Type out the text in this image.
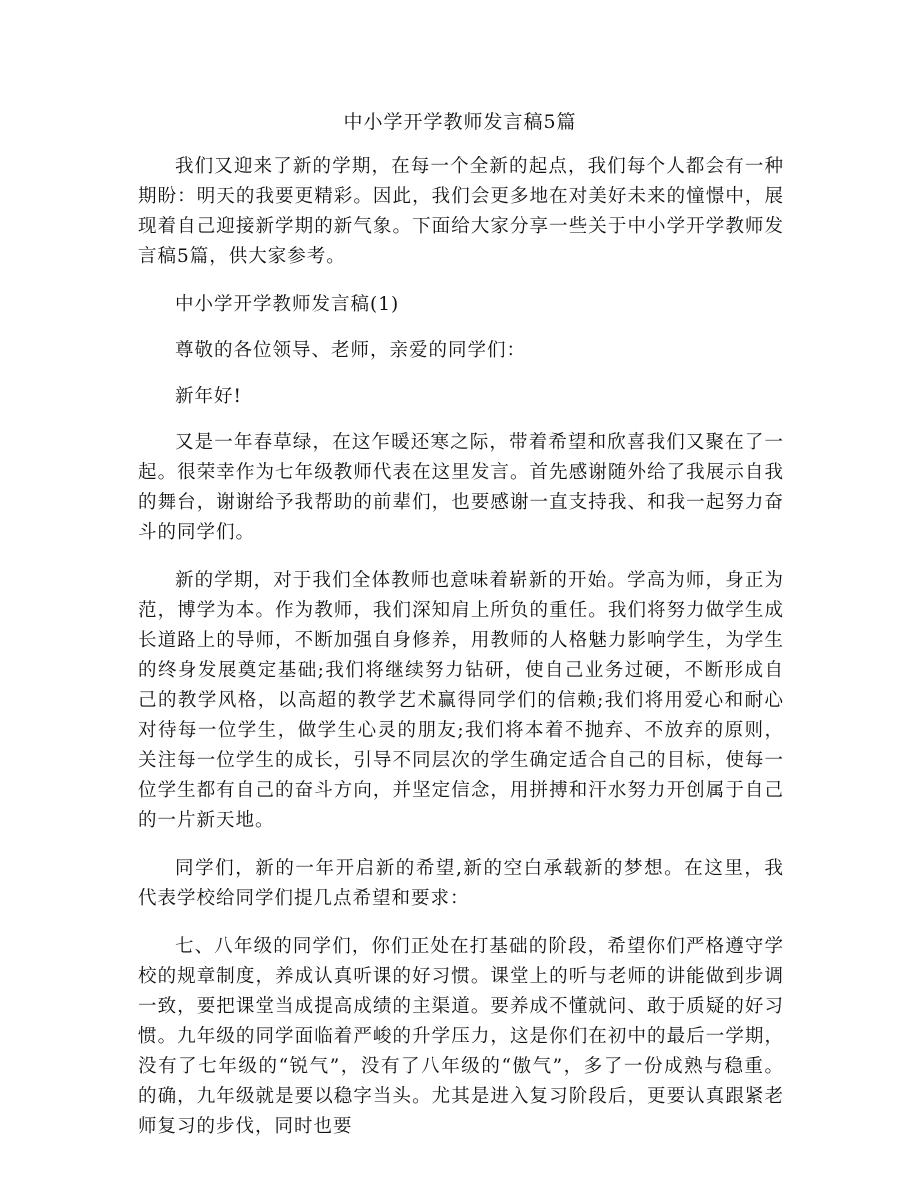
中小学开学教师发言稿5篇

我们又迎来了新的学期，在每一个全新的起点，我们每个人都会有一种期盼：明天的我要更精彩。因此，我们会更多地在对美好未来的憧憬中，展现着自己迎接新学期的新气象。下面给大家分享一些关于中小学开学教师发言稿5篇，供大家参考。

中小学开学教师发言稿(1)

尊敬的各位领导、老师，亲爱的同学们：

新年好!

又是一年春草绿，在这乍暖还寒之际，带着希望和欣喜我们又聚在了一起。很荣幸作为七年级教师代表在这里发言。首先感谢随外给了我展示自我的舞台，谢谢给予我帮助的前辈们，也要感谢一直支持我、和我一起努力奋斗的同学们。

新的学期，对于我们全体教师也意味着崭新的开始。学高为师，身正为范，博学为本。作为教师，我们深知肩上所负的重任。我们将努力做学生成长道路上的导师，不断加强自身修养，用教师的人格魅力影响学生，为学生的终身发展奠定基础;我们将继续努力钻研，使自己业务过硬，不断形成自己的教学风格，以高超的教学艺术赢得同学们的信赖;我们将用爱心和耐心对待每一位学生，做学生心灵的朋友;我们将本着不抛弃、不放弃的原则，关注每一位学生的成长，引导不同层次的学生确定适合自己的目标，使每一位学生都有自己的奋斗方向，并坚定信念，用拼搏和汗水努力开创属于自己的一片新天地。

同学们，新的一年开启新的希望,新的空白承载新的梦想。在这里，我代表学校给同学们提几点希望和要求：

七、八年级的同学们，你们正处在打基础的阶段，希望你们严格遵守学校的规章制度，养成认真听课的好习惯。课堂上的听与老师的讲能做到步调一致，要把课堂当成提高成绩的主渠道。要养成不懂就问、敢于质疑的好习惯。九年级的同学面临着严峻的升学压力，这是你们在初中的最后一学期，没有了七年级的“锐气”，没有了八年级的“傲气”，多了一份成熟与稳重。的确，九年级就是要以稳字当头。尤其是进入复习阶段后，更要认真跟紧老师复习的步伐，同时也要
